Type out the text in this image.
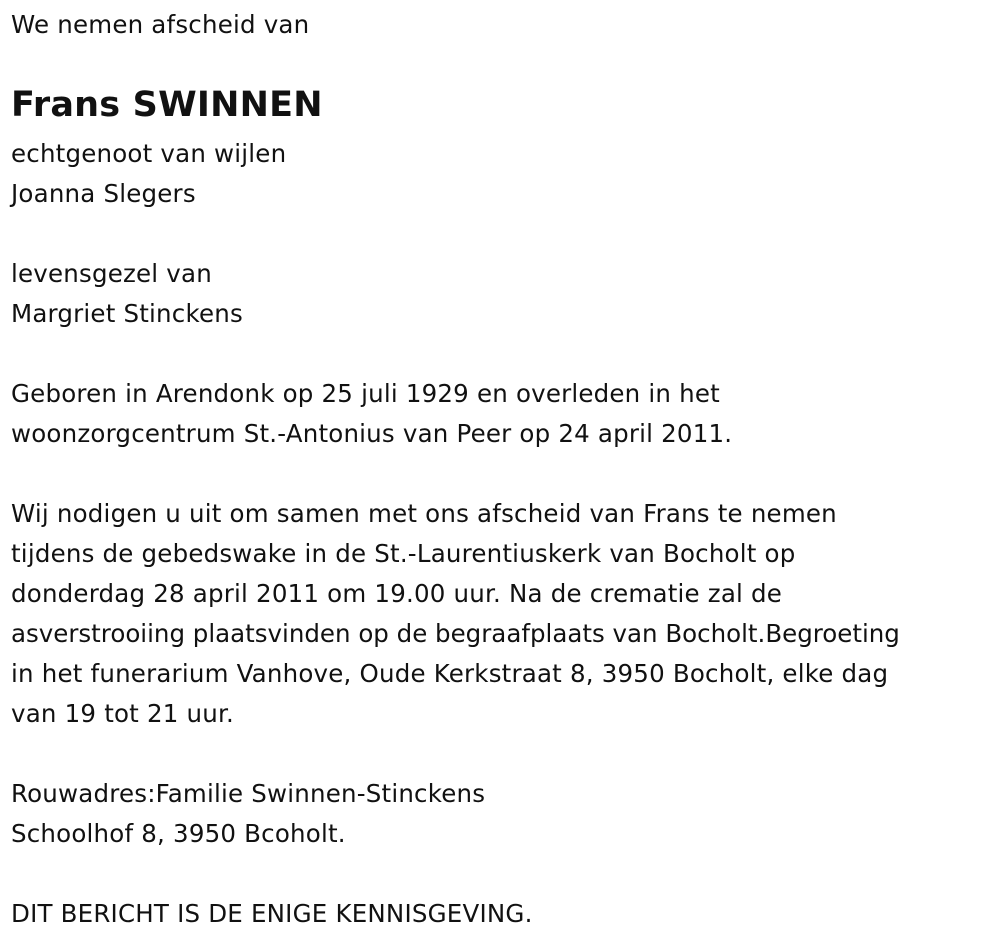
We nemen afscheid van
Frans SWINNEN
echtgenoot van wijlen
Joanna Slegers
levensgezel van
Margriet Stinckens
Geboren in Arendonk op 25 juli 1929 en overleden in het
woonzorgcentrum St.-Antonius van Peer op 24 april 2011.
Wij nodigen u uit om samen met ons afscheid van Frans te nemen
tijdens de gebedswake in de St.-Laurentiuskerk van Bocholt op
donderdag 28 april 2011 om 19.00 uur. Na de crematie zal de
asverstrooiing plaatsvinden op de begraafplaats van Bocholt.Begroeting
in het funerarium Vanhove, Oude Kerkstraat 8, 3950 Bocholt, elke dag
van 19 tot 21 uur.
Rouwadres:Familie Swinnen-Stinckens
Schoolhof 8, 3950 Bcoholt.
DIT BERICHT IS DE ENIGE KENNISGEVING.
